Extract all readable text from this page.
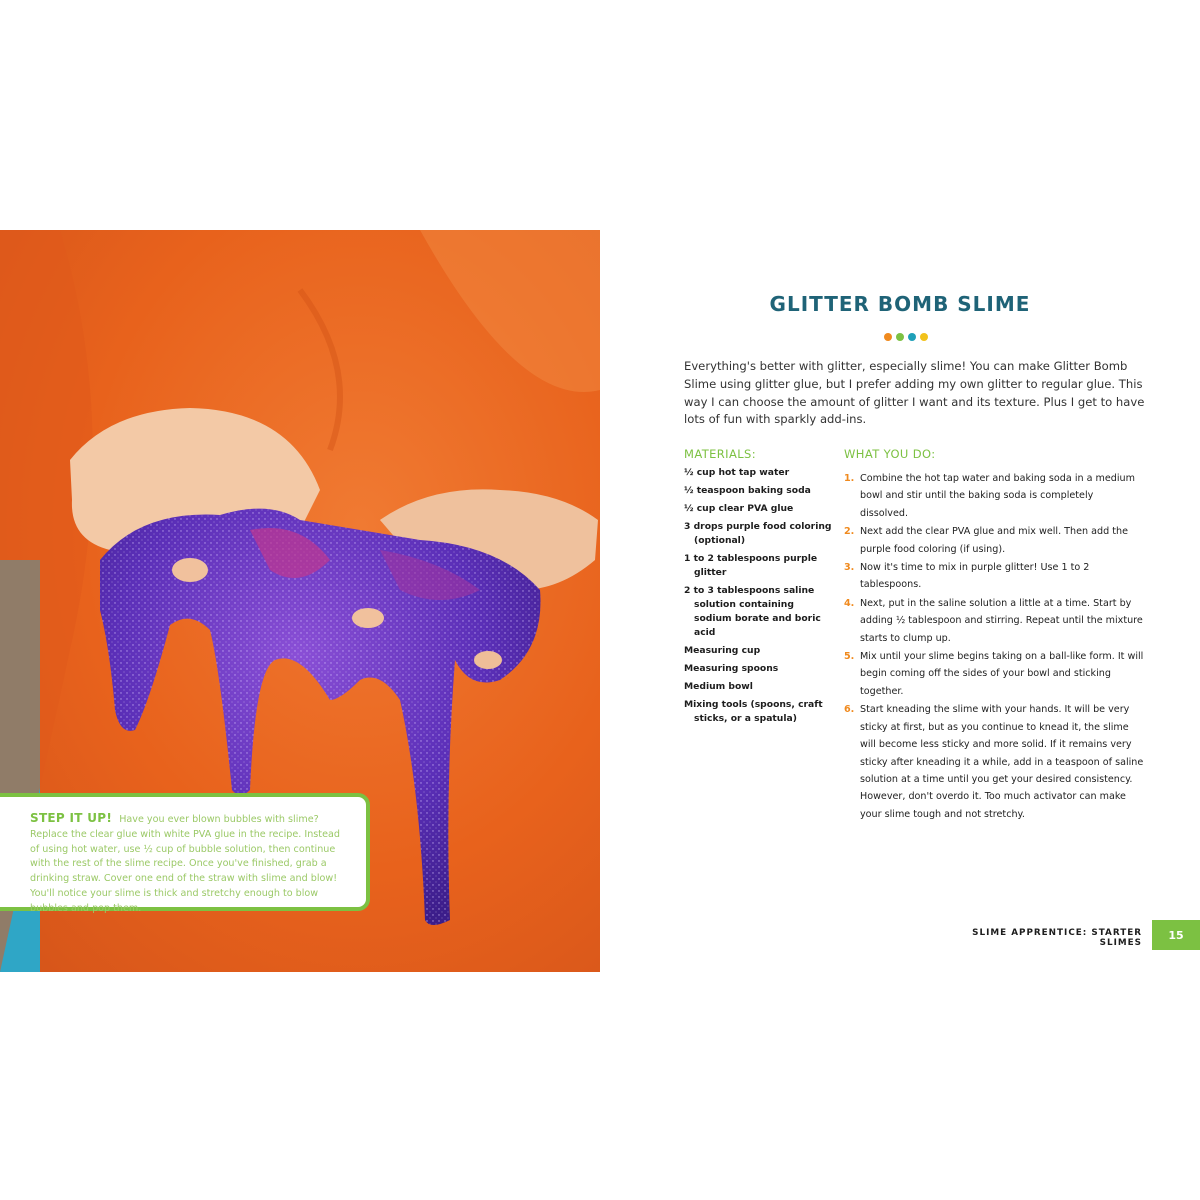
STEP IT UP! Have you ever blown bubbles with slime? Replace the clear glue with white PVA glue in the recipe. Instead of using hot water, use ½ cup of bubble solution, then continue with the rest of the slime recipe. Once you've finished, grab a drinking straw. Cover one end of the straw with slime and blow! You'll notice your slime is thick and stretchy enough to blow bubbles and pop them.
GLITTER BOMB SLIME
Everything's better with glitter, especially slime! You can make Glitter Bomb Slime using glitter glue, but I prefer adding my own glitter to regular glue. This way I can choose the amount of glitter I want and its texture. Plus I get to have lots of fun with sparkly add-ins.
MATERIALS:
½ cup hot tap water
½ teaspoon baking soda
½ cup clear PVA glue
3 drops purple food coloring (optional)
1 to 2 tablespoons purple glitter
2 to 3 tablespoons saline solution containing sodium borate and boric acid
Measuring cup
Measuring spoons
Medium bowl
Mixing tools (spoons, craft sticks, or a spatula)
WHAT YOU DO:
1. Combine the hot tap water and baking soda in a medium bowl and stir until the baking soda is completely dissolved.
2. Next add the clear PVA glue and mix well. Then add the purple food coloring (if using).
3. Now it's time to mix in purple glitter! Use 1 to 2 tablespoons.
4. Next, put in the saline solution a little at a time. Start by adding ½ tablespoon and stirring. Repeat until the mixture starts to clump up.
5. Mix until your slime begins taking on a ball-like form. It will begin coming off the sides of your bowl and sticking together.
6. Start kneading the slime with your hands. It will be very sticky at first, but as you continue to knead it, the slime will become less sticky and more solid. If it remains very sticky after kneading it a while, add in a teaspoon of saline solution at a time until you get your desired consistency. However, don't overdo it. Too much activator can make your slime tough and not stretchy.
SLIME APPRENTICE: STARTER SLIMES
15
